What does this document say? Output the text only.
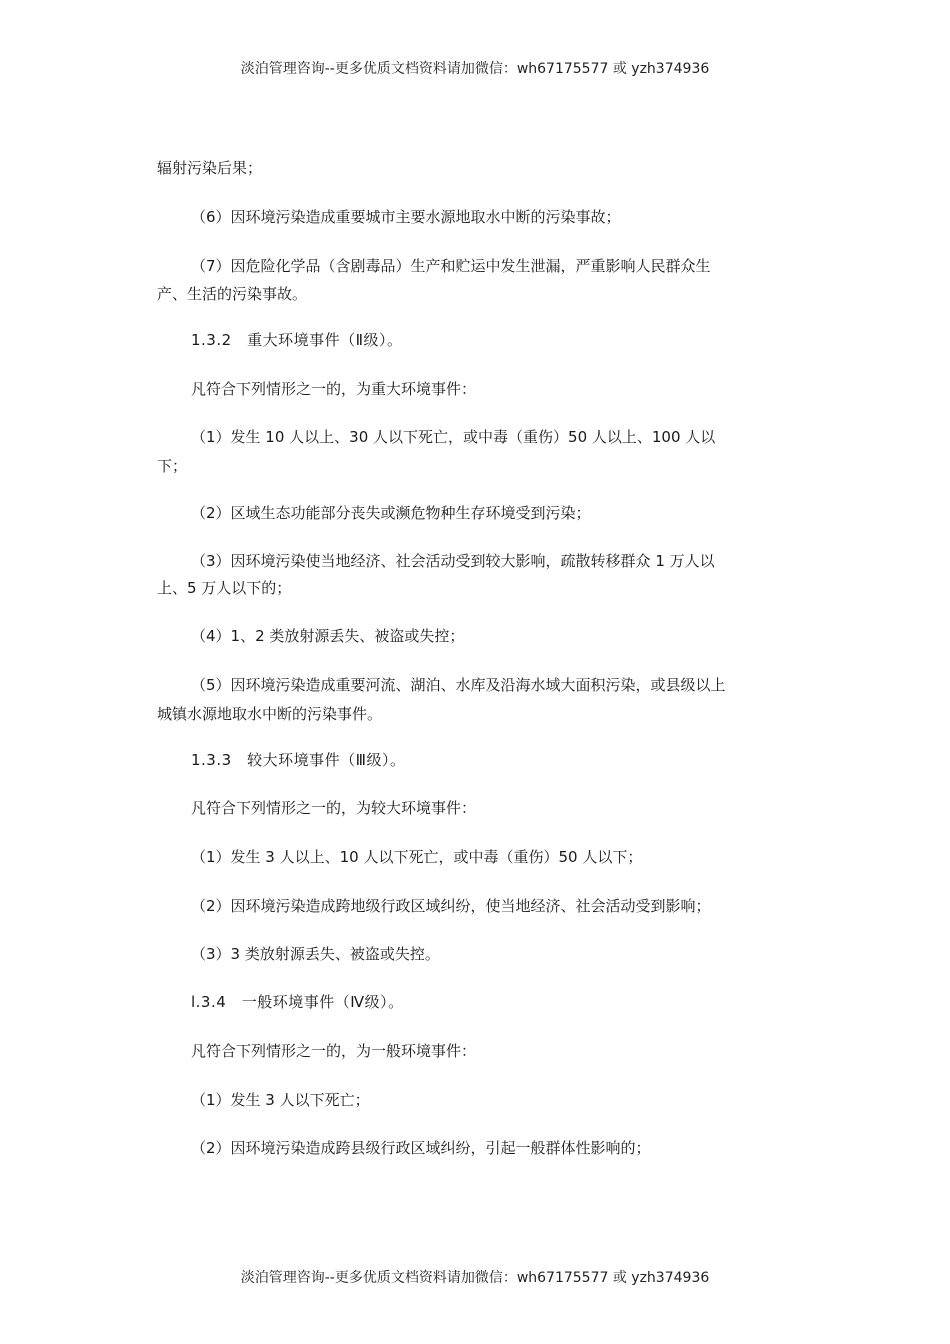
淡泊管理咨询--更多优质文档资料请加微信：wh67175577 或 yzh374936
辐射污染后果；
（6）因环境污染造成重要城市主要水源地取水中断的污染事故；
（7）因危险化学品（含剧毒品）生产和贮运中发生泄漏，严重影响人民群众生
产、生活的污染事故。
1.3.2　重大环境事件（Ⅱ级）。
凡符合下列情形之一的，为重大环境事件：
（1）发生 10 人以上、30 人以下死亡，或中毒（重伤）50 人以上、100 人以
下；
（2）区域生态功能部分丧失或濒危物种生存环境受到污染；
（3）因环境污染使当地经济、社会活动受到较大影响，疏散转移群众 1 万人以
上、5 万人以下的；
（4）1、2 类放射源丢失、被盗或失控；
（5）因环境污染造成重要河流、湖泊、水库及沿海水域大面积污染，或县级以上
城镇水源地取水中断的污染事件。
1.3.3　较大环境事件（Ⅲ级）。
凡符合下列情形之一的，为较大环境事件：
（1）发生 3 人以上、10 人以下死亡，或中毒（重伤）50 人以下；
（2）因环境污染造成跨地级行政区域纠纷，使当地经济、社会活动受到影响；
（3）3 类放射源丢失、被盗或失控。
l.3.4　一般环境事件（Ⅳ级）。
凡符合下列情形之一的，为一般环境事件：
（1）发生 3 人以下死亡；
（2）因环境污染造成跨县级行政区域纠纷，引起一般群体性影响的；
淡泊管理咨询--更多优质文档资料请加微信：wh67175577 或 yzh374936
